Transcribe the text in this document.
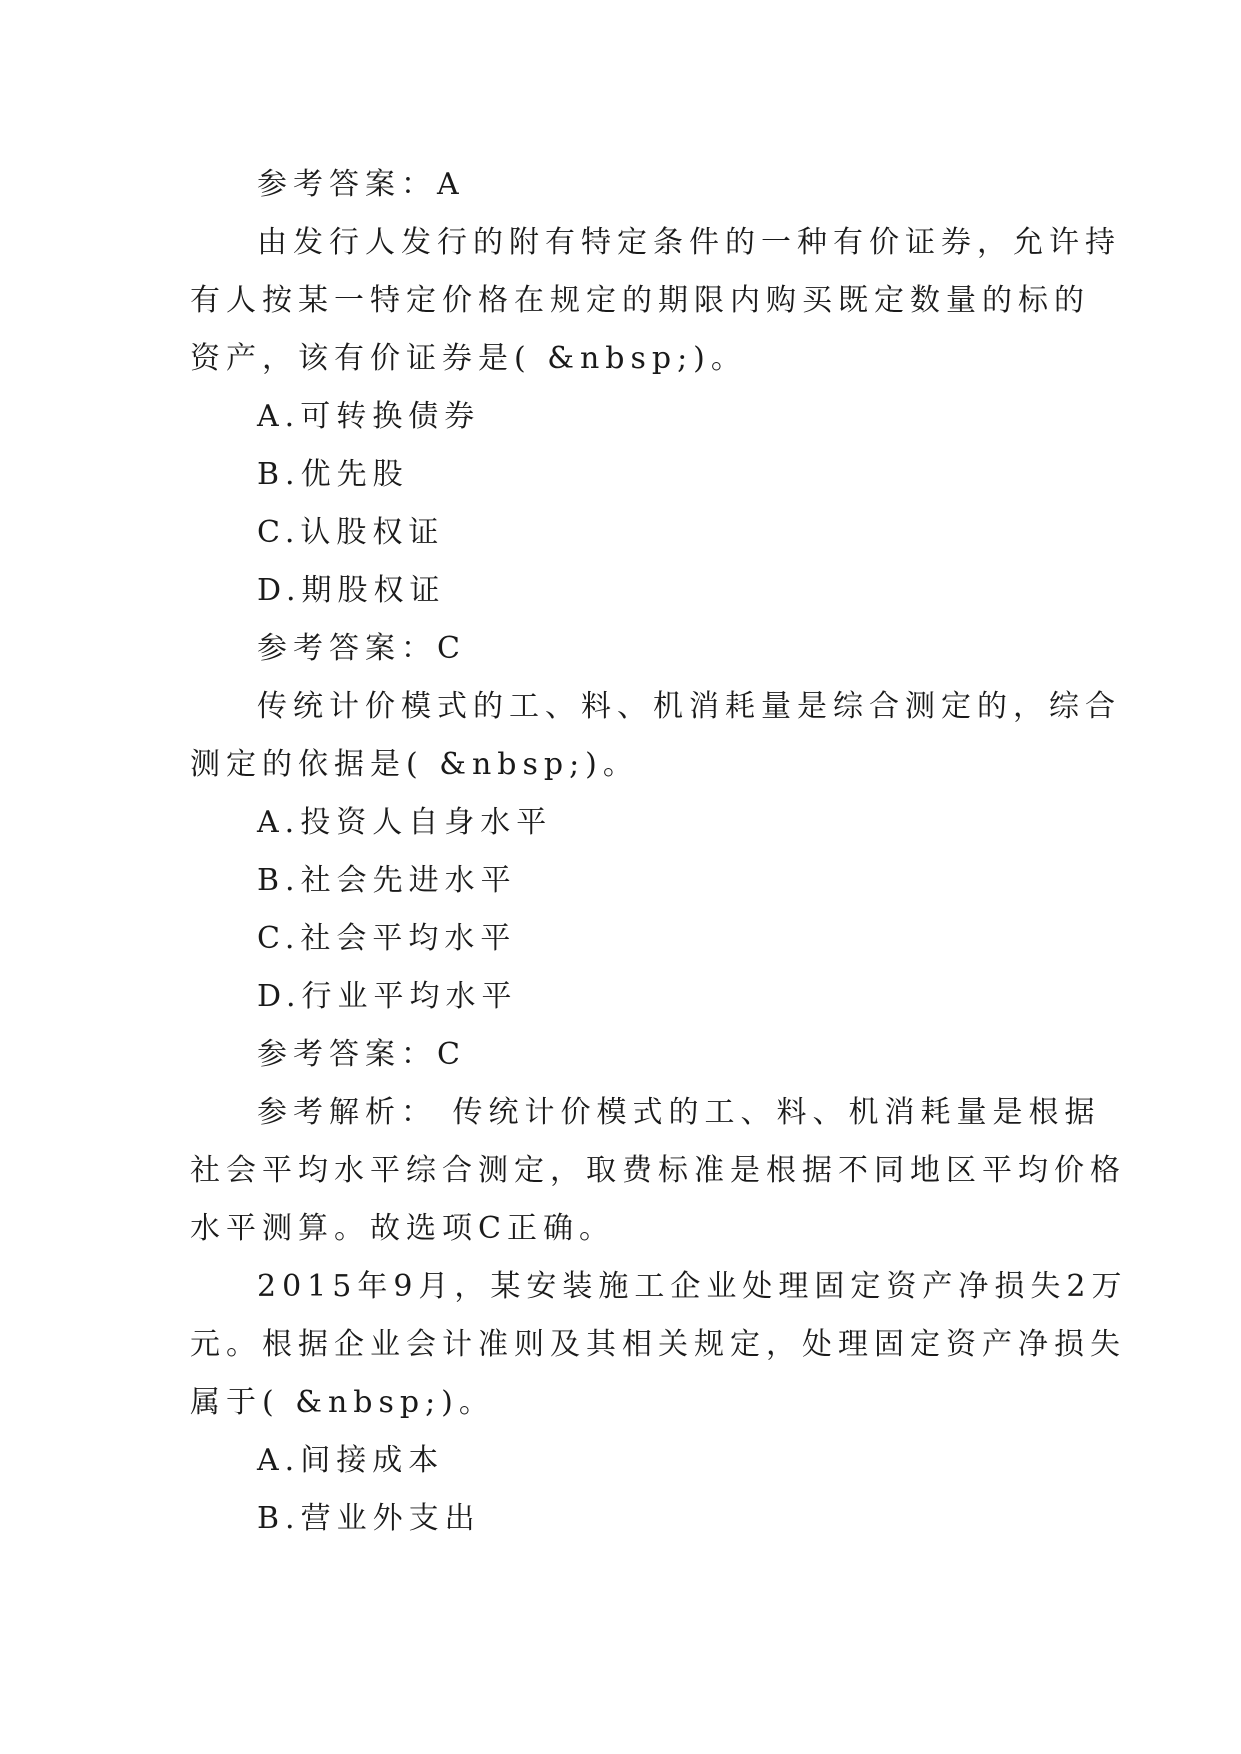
参考答案：A
由发行人发行的附有特定条件的一种有价证券，允许持
有人按某一特定价格在规定的期限内购买既定数量的标的
资产，该有价证券是( &nbsp;)。
A.可转换债券
B.优先股
C.认股权证
D.期股权证
参考答案：C
传统计价模式的工、料、机消耗量是综合测定的，综合
测定的依据是( &nbsp;)。
A.投资人自身水平
B.社会先进水平
C.社会平均水平
D.行业平均水平
参考答案：C
参考解析： 传统计价模式的工、料、机消耗量是根据
社会平均水平综合测定，取费标准是根据不同地区平均价格
水平测算。故选项C正确。
2015年9月，某安装施工企业处理固定资产净损失2万
元。根据企业会计准则及其相关规定，处理固定资产净损失
属于( &nbsp;)。
A.间接成本
B.营业外支出
